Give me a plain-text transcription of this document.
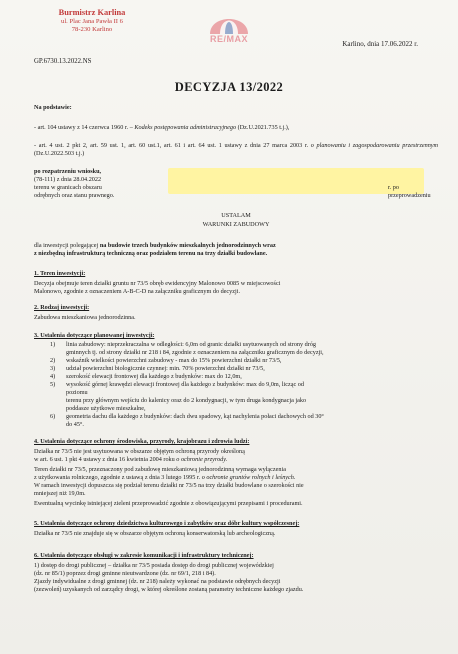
Burmistrz Karlina
ul. Plac Jana Pawła II 6
78-230 Karlino
RE/MAX	Karlino, dnia 17.06.2022 r.
GP.6730.13.2022.NS
DECYZJA 13/2022
Na podstawie:
- art. 104 ustawy z 14 czerwca 1960 r. – Kodeks postępowania administracyjnego (Dz.U.2021.735 t.j.),
- art. 4 ust. 2 pkt 2, art. 59 ust. 1, art. 60 ust.1, art. 61 i art. 64 ust. 1 ustawy z dnia 27 marca 2003 r. o planowaniu i zagospodarowaniu przestrzennym (Dz.U.2022.503 t.j.)
po rozpatrzeniu wniosku,
(78-111) z dnia 28.04.2022
terenu w granicach obszaru	r. po przeprowadzeniu
odrębnych oraz stanu prawnego.
USTALAM
WARUNKI ZABUDOWY
dla inwestycji polegającej na budowie trzech budynków mieszkalnych jednorodzinnych wraz
z niezbędną infrastrukturą techniczną oraz podziałem terenu na trzy działki budowlane.
1. Teren inwestycji:
Decyzja obejmuje teren działki gruntu nr 73/5 obręb ewidencyjny Malonowo 0085 w miejscowości
Malonowo, zgodnie z oznaczeniem A-B-C-D na załączniku graficznym do decyzji.
2. Rodzaj inwestycji:
Zabudowa mieszkaniowa jednorodzinna.
3. Ustalenia dotyczące planowanej inwestycji:
1)	linia zabudowy: nieprzekraczalna w odległości: 6,0m od granic działki usytuowanych od strony dróg
gminnych tj. od strony działki nr 218 i 84, zgodnie z oznaczeniem na załączniku graficznym do decyzji,
2)	wskaźnik wielkości powierzchni zabudowy - max do 15% powierzchni działki nr 73/5,
3)	udział powierzchni biologicznie czynnej: min. 70% powierzchni działki nr 73/5,
4)	szerokość elewacji frontowej dla każdego z budynków: max do 12,0m,
5)	wysokość górnej krawędzi elewacji frontowej dla każdego z budynków: max do 9,0m, licząc od
poziomu
terenu przy głównym wejściu do kalenicy oraz do 2 kondygnacji, w tym druga kondygnacja jako
poddasze użytkowe mieszkalne,
6)	geometria dachu dla każdego z budynków: dach dwu spadowy, kąt nachylenia połaci dachowych od 30°
do 45°.
4. Ustalenia dotyczące ochrony środowiska, przyrody, krajobrazu i zdrowia ludzi:
Działka nr 73/5 nie jest usytuowana w obszarze objętym ochroną przyrody określoną
w art. 6 ust. 1 pkt 4 ustawy z dnia 16 kwietnia 2004 roku o ochronie przyrody.
Teren działki nr 73/5, przeznaczony pod zabudowę mieszkaniową jednorodzinną wymaga wyłączenia
z użytkowania rolniczego, zgodnie z ustawą z dnia 3 lutego 1995 r. o ochronie gruntów rolnych i leśnych.
W ramach inwestycji dopuszcza się podział terenu działki nr 73/5 na trzy działki budowlane o szerokości nie
mniejszej niż 19,0m.
Ewentualną wycinkę istniejącej zieleni przeprowadzić zgodnie z obowiązującymi przepisami i procedurami.
5. Ustalenia dotyczące ochrony dziedzictwa kulturowego i zabytków oraz dóbr kultury współczesnej:
Działka nr 73/5 nie znajduje się w obszarze objętym ochroną konserwatorską lub archeologiczną.
6. Ustalenia dotyczące obsługi w zakresie komunikacji i infrastruktury technicznej:
1) dostęp do drogi publicznej – działka nr 73/5 posiada dostęp do drogi publicznej wojewódzkiej
(dz. nr 85/1) poprzez drogi gminne nieutwardzone (dz. nr 69/1, 218 i 84).
Zjazdy indywidualne z drogi gminnej (dz. nr 218) należy wykonać na podstawie odrębnych decyzji
(zezwoleń) uzyskanych od zarządcy drogi, w której określone zostaną parametry techniczne każdego zjazdu.
